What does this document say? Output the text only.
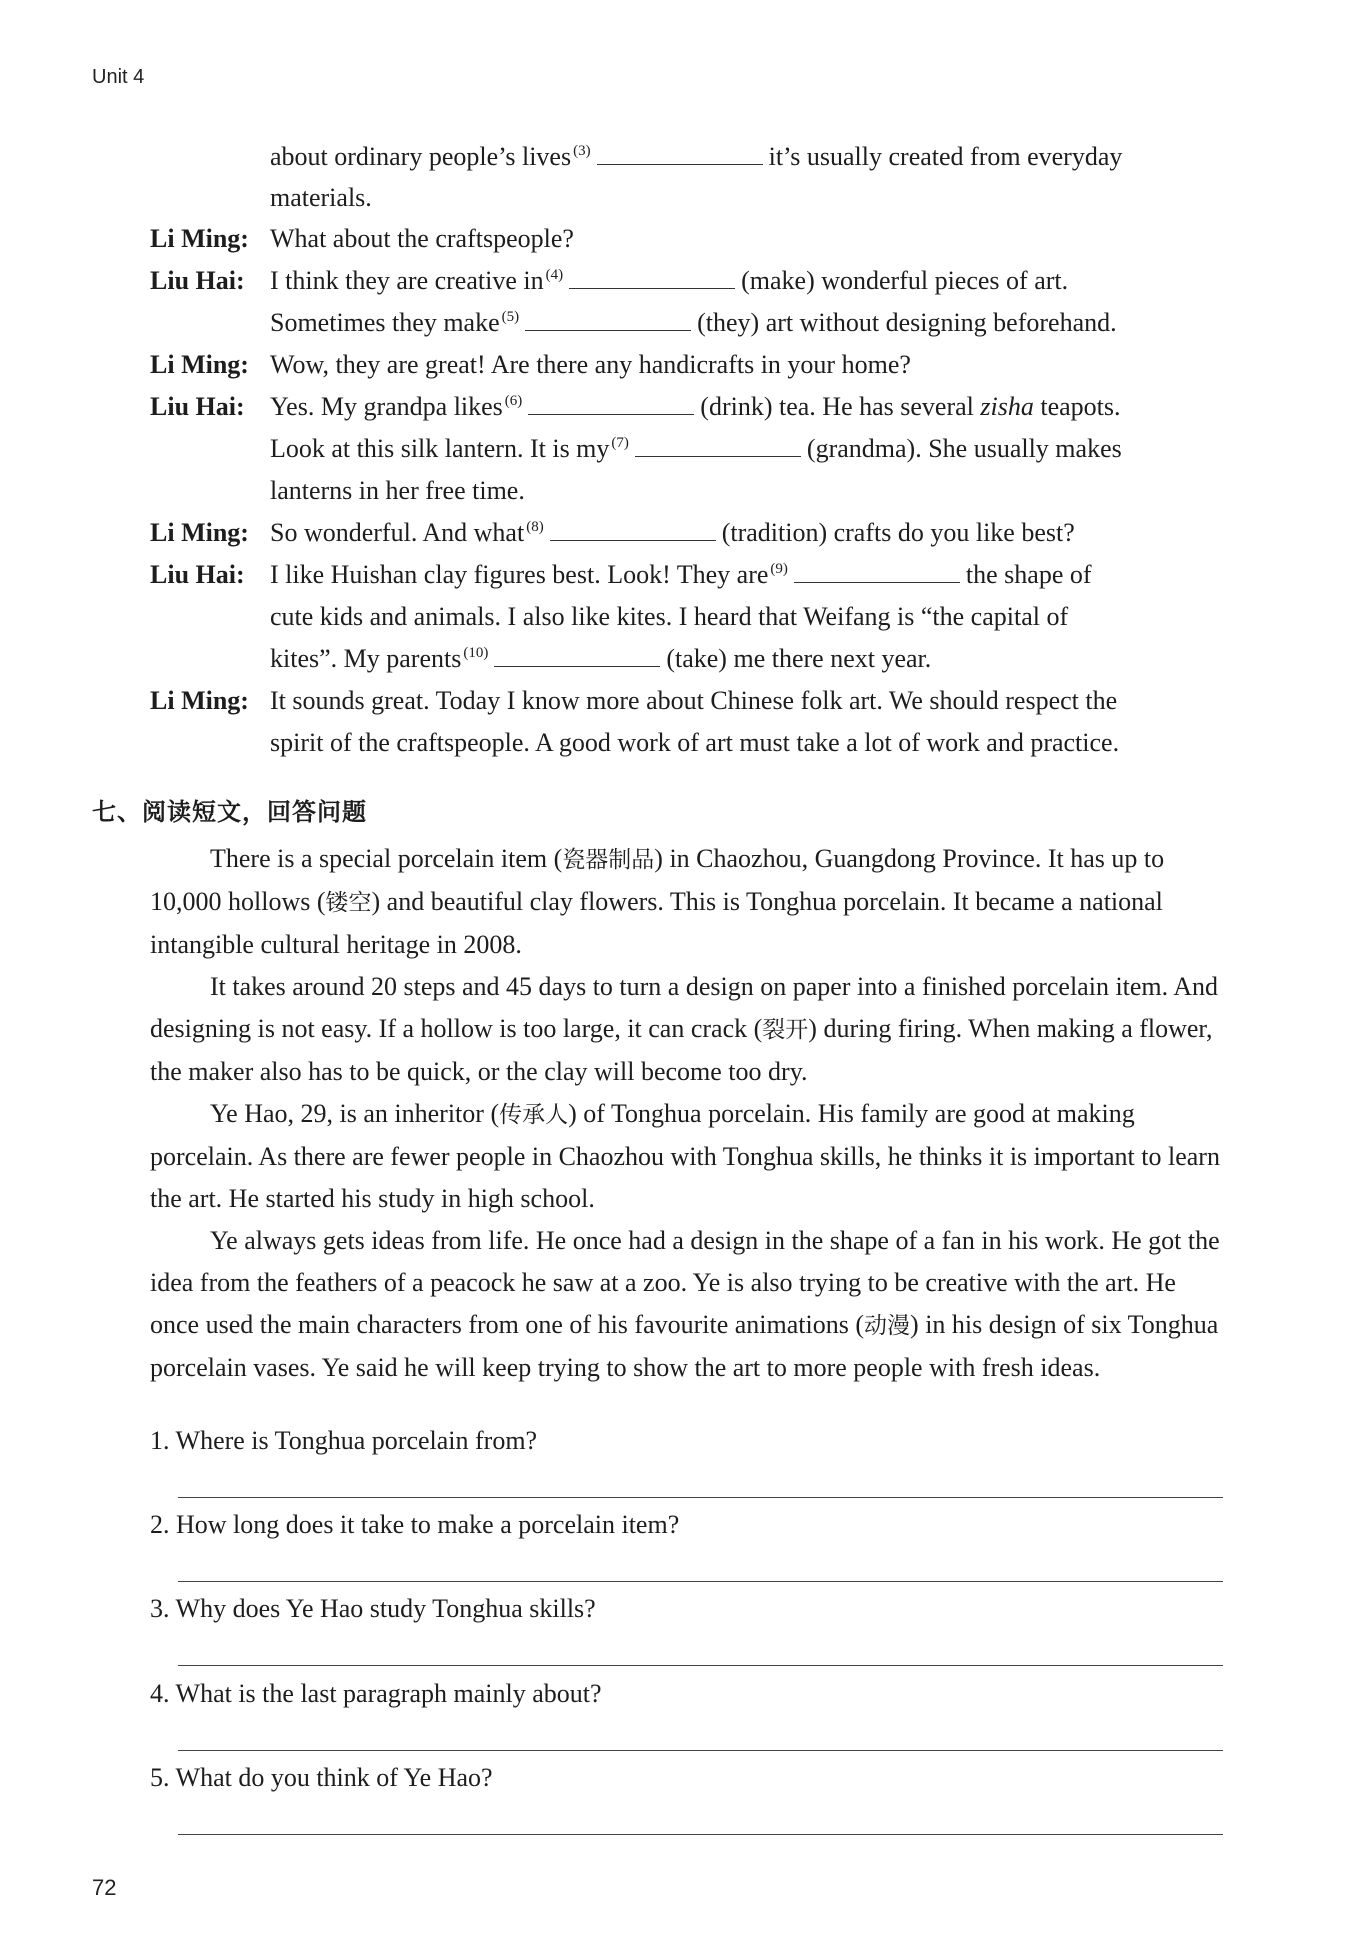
Unit 4
about ordinary people’s lives $^{(3)}$	it’s usually created from everyday
materials.
Li Ming: What about the craftspeople?
Liu Hai: I think they are creative in $^{(4)}$	(make) wonderful pieces of art.
Sometimes they make $^{(5)}$	(they) art without designing beforehand.
Li Ming: Wow, they are great! Are there any handicrafts in your home?
Liu Hai: Yes. My grandpa likes $^{(6)}$	(drink) tea. He has several zisha teapots.
Look at this silk lantern. It is my $^{(7)}$	(grandma). She usually makes
lanterns in her free time.
Li Ming: So wonderful. And what $^{(8)}$	(tradition) crafts do you like best?
Liu Hai: I like Huishan clay figures best. Look! They are $^{(9)}$	the shape of
cute kids and animals. I also like kites. I heard that Weifang is “the capital of
kites”. My parents $^{(10)}$	(take) me there next year.
Li Ming: It sounds great. Today I know more about Chinese folk art. We should respect the
spirit of the craftspeople. A good work of art must take a lot of work and practice.
七、阅读短文，回答问题

There is a special porcelain item (瓷器制品) in Chaozhou, Guangdong Province. It has up to 10,000 hollows (镂空) and beautiful clay flowers. This is Tonghua porcelain. It became a national intangible cultural heritage in 2008.

It takes around 20 steps and 45 days to turn a design on paper into a finished porcelain item. And designing is not easy. If a hollow is too large, it can crack (裂开) during firing. When making a flower, the maker also has to be quick, or the clay will become too dry.

Ye Hao, 29, is an inheritor (传承人) of Tonghua porcelain. His family are good at making porcelain. As there are fewer people in Chaozhou with Tonghua skills, he thinks it is important to learn the art. He started his study in high school.

Ye always gets ideas from life. He once had a design in the shape of a fan in his work. He got the idea from the feathers of a peacock he saw at a zoo. Ye is also trying to be creative with the art. He once used the main characters from one of his favourite animations (动漫) in his design of six Tonghua porcelain vases. Ye said he will keep trying to show the art to more people with fresh ideas.

1. Where is Tonghua porcelain from?
2. How long does it take to make a porcelain item?
3. Why does Ye Hao study Tonghua skills?
4. What is the last paragraph mainly about?
5. What do you think of Ye Hao?
72
